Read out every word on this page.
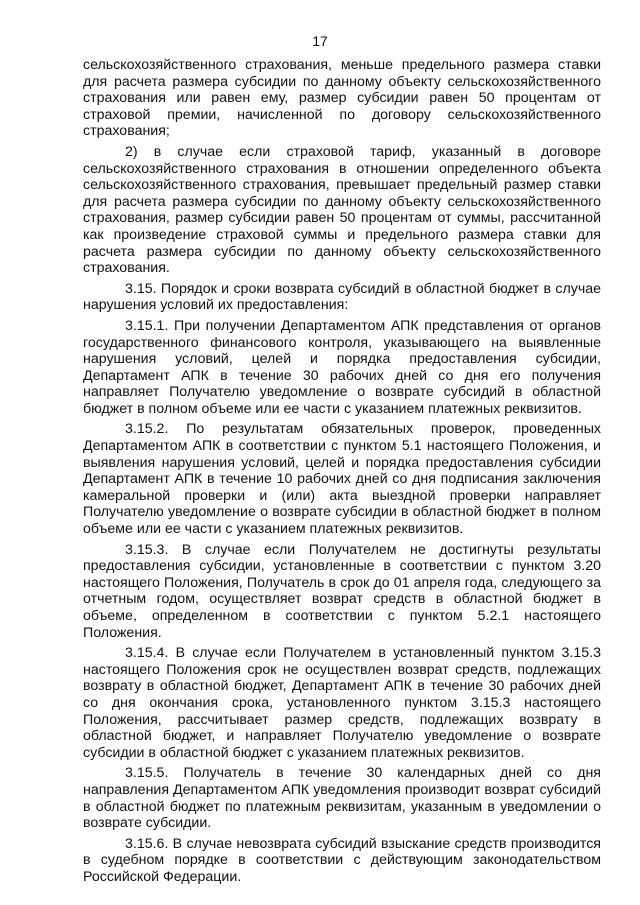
17

сельскохозяйственного страхования, меньше предельного размера ставки для расчета размера субсидии по данному объекту сельскохозяйственного страхования или равен ему, размер субсидии равен 50 процентам от страховой премии, начисленной по договору сельскохозяйственного страхования;

2) в случае если страховой тариф, указанный в договоре сельскохозяйственного страхования в отношении определенного объекта сельскохозяйственного страхования, превышает предельный размер ставки для расчета размера субсидии по данному объекту сельскохозяйственного страхования, размер субсидии равен 50 процентам от суммы, рассчитанной как произведение страховой суммы и предельного размера ставки для расчета размера субсидии по данному объекту сельскохозяйственного страхования.

3.15. Порядок и сроки возврата субсидий в областной бюджет в случае нарушения условий их предоставления:

3.15.1. При получении Департаментом АПК представления от органов государственного финансового контроля, указывающего на выявленные нарушения условий, целей и порядка предоставления субсидии, Департамент АПК в течение 30 рабочих дней со дня его получения направляет Получателю уведомление о возврате субсидий в областной бюджет в полном объеме или ее части с указанием платежных реквизитов.

3.15.2. По результатам обязательных проверок, проведенных Департаментом АПК в соответствии с пунктом 5.1 настоящего Положения, и выявления нарушения условий, целей и порядка предоставления субсидии Департамент АПК в течение 10 рабочих дней со дня подписания заключения камеральной проверки и (или) акта выездной проверки направляет Получателю уведомление о возврате субсидии в областной бюджет в полном объеме или ее части с указанием платежных реквизитов.

3.15.3. В случае если Получателем не достигнуты результаты предоставления субсидии, установленные в соответствии с пунктом 3.20 настоящего Положения, Получатель в срок до 01 апреля года, следующего за отчетным годом, осуществляет возврат средств в областной бюджет в объеме, определенном в соответствии с пунктом 5.2.1 настоящего Положения.

3.15.4. В случае если Получателем в установленный пунктом 3.15.3 настоящего Положения срок не осуществлен возврат средств, подлежащих возврату в областной бюджет, Департамент АПК в течение 30 рабочих дней со дня окончания срока, установленного пунктом 3.15.3 настоящего Положения, рассчитывает размер средств, подлежащих возврату в областной бюджет, и направляет Получателю уведомление о возврате субсидии в областной бюджет с указанием платежных реквизитов.

3.15.5. Получатель в течение 30 календарных дней со дня направления Департаментом АПК уведомления производит возврат субсидий в областной бюджет по платежным реквизитам, указанным в уведомлении о возврате субсидии.

3.15.6. В случае невозврата субсидий взыскание средств производится в судебном порядке в соответствии с действующим законодательством Российской Федерации.
